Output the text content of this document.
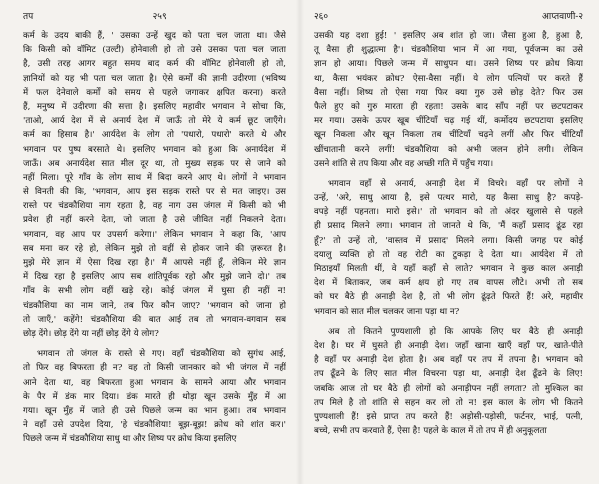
तप	२५९
कर्म के उदय बाकी हैं, ' उसका उन्हें खुद को पता चल जाता था। जैसे
कि किसी को वॉमिट (उल्टी) होनेवाली हो तो उसे उसका पता चल जाता
है, उसी तरह आगर बहुत समय बाद कर्म की वॉमिट होनेवाली हो तो,
ज्ञानियों को यह भी पता चल जाता है। ऐसे कर्मों की ज्ञानी उदीरणा (भविष्य
में फल देनेवाले कर्मों को समय से पहले जगाकर क्षपित करना) करते
हैं, मनुष्य में उदीरणा की सत्ता है। इसलिए महावीर भगवान ने सोचा कि,
'ताओ, आर्य देश में से अनार्य देश में जाऊँ तो मेरे ये कर्म छूट जाएँगे।
कर्म का हिसाब है।' आर्यदेश के लोग तो 'पधारो, पधारो' करते थे और
भगवान पर पुष्प बरसाते थे। इसलिए भगवान को हुआ कि अनार्यदेश में
जाऊँ। अब अनार्यदेश सात मील दूर था, तो मुख्य सड़क पर से जाने को
नहीं मिला। पूरे गाँव के लोग साथ में बिदा करने आए थे। लोगों ने भगवान
से विनती की कि, 'भगवान, आप इस सड़क रास्ते पर से मत जाइए। उस
रास्ते पर चंडकौशिया नाग रहता है, वह नाग उस जंगल में किसी को भी
प्रवेश ही नहीं करने देता, जो जाता है उसे जीवित नहीं निकलने देता।
भगवान, वह आप पर उपसर्ग करेगा।' लेकिन भगवान ने कहा कि, 'आप
सब मना कर रहे हो, लेकिन मुझे तो वहीं से होकर जाने की ज़रूरत है।
मुझे मेरे ज्ञान में ऐसा दिख रहा है।' मैं आपसे नहीं हूँ, लेकिन मेरे ज्ञान
में दिख रहा है इसलिए आप सब शांतिपूर्वक रहो और मुझे जाने दो।' तब
गाँव के सभी लोग वहीं खड़े रहे। कोई जंगल में घुसा ही नहीं न!
चंडकौशिया का नाम जाने, तब फिर कौन जाए? 'भगवान को जाना हो
तो जाएँ,' कहेंगे! चंडकौशिया की बात आई तब तो भगवान-वगवान सब
छोड़ देंगे। छोड़ देंगे या नहीं छोड़ देंगे ये लोग?
भगवान तो जंगल के रास्ते से गए। वहाँ चंडकौशिया को सुगंध आई,
तो फिर वह बिफरता ही न? वह तो किसी जानकार को भी जंगल में नहीं
आने देता था, वह बिफरता हुआ भगवान के सामने आया और भगवान
के पैर में डंक मार दिया। डंक मारते ही थोड़ा खून उसके मुँह में आ
गया। खून मुँह में जाते ही उसे पिछले जन्म का भान हुआ। तब भगवान
ने वहाँ उसे उपदेश दिया, 'हे चंडकौशिया! बूझ-बूझ! क्रोध को शांत कर।'
पिछले जन्म में चंडकौशिया साधु था और शिष्य पर क्रोध किया इसलिए
२६०	आप्तवाणी-२
उसकी यह दशा हुई! ' इसलिए अब शांत हो जा। जैसा हुआ है, हुआ है,
तू वैसा ही शुद्धात्मा है'। चंडकौशिया भान में आ गया, पूर्वजन्म का उसे
ज्ञान हो आया। पिछले जन्म में साधुपन था। उसने शिष्य पर क्रोध किया
था, कैसा भयंकर क्रोध? ऐसा-वैसा नहीं। ये लोग पत्नियों पर करते हैं
वैसा नहीं। शिष्य तो ऐसा गया फिर क्या गुरु उसे छोड़ देते? फिर उस
फैले हुए को गुरु मारता ही रहता! उसके बाद साँप नहीं पर छटपटाकर
मर गया। उसके ऊपर खूब चींटियाँ चढ़ गई थीं, कर्मोदय छटपटाया इसलिए
खून निकला और खून निकला तब चींटियाँ चढ़ने लगीं और फिर चींटियाँ
खींचातानी करने लगीं! चंडकौशिया को अभी जलन होने लगी। लेकिन
उसने शांति से तप किया और वह अच्छी गति में पहुँच गया।
भगवान वहाँ से अनार्य, अनाड़ी देश में विचरे। वहाँ पर लोगों ने
उन्हें, 'अरे, साधु आया है, इसे पत्थर मारो, यह कैसा साधु है? कपड़े-
वपड़े नहीं पहनता। मारो इसे।' तो भगवान को तो अंदर खुलासे से पहले
ही प्रसाद मिलने लगा। भगवान तो जानते थे कि, 'मैं कहाँ प्रसाद ढूंढ रहा
हूँ?' तो उन्हें तो, 'वास्तव में प्रसाद' मिलने लगा। किसी जगह पर कोई
दयालु व्यक्ति हो तो वह रोटी का टुकड़ा दे देता था। आर्यदेश में तो
मिठाइयाँ मिलती थीं, वे यहाँ कहाँ से लाते? भगवान ने कुछ काल अनाड़ी
देश में बिताकर, जब कर्म क्षय हो गए तब वापस लौटे। अभी तो सब
को घर बैठे ही अनाड़ी देश है, तो भी लोग ढूंढ़ते फिरते हैं! अरे, महावीर
भगवान को सात मील चलकर जाना पड़ा था न?
अब तो कितने पुण्यशाली हो कि आपके लिए घर बैठे ही अनाड़ी
देश है। घर में घुसते ही अनाड़ी देश। जहाँ खाना खाएँ वहाँ पर, खाते-पीते
है वहाँ पर अनाड़ी देश होता है। अब वहाँ पर तप में तपना है। भगवान को
तप ढूँढने के लिए सात मील विचरना पड़ा था, अनाड़ी देश ढूँढने के लिए!
जबकि आज तो घर बैठे ही लोगों को अनाड़ीपन नहीं लगता? तो मुश्किल का
तप मिले है तो शांति से सहन कर लो तो न! इस काल के लोग भी कितने
पुण्यशाली हैं! इसे प्राप्त तप करते हैं! अड़ोसी-पड़ोसी, फर्टनर, भाई, पत्नी,
बच्चे, सभी तप करवाते हैं, ऐसा है! पहले के काल में तो तप में ही अनुकूलता
